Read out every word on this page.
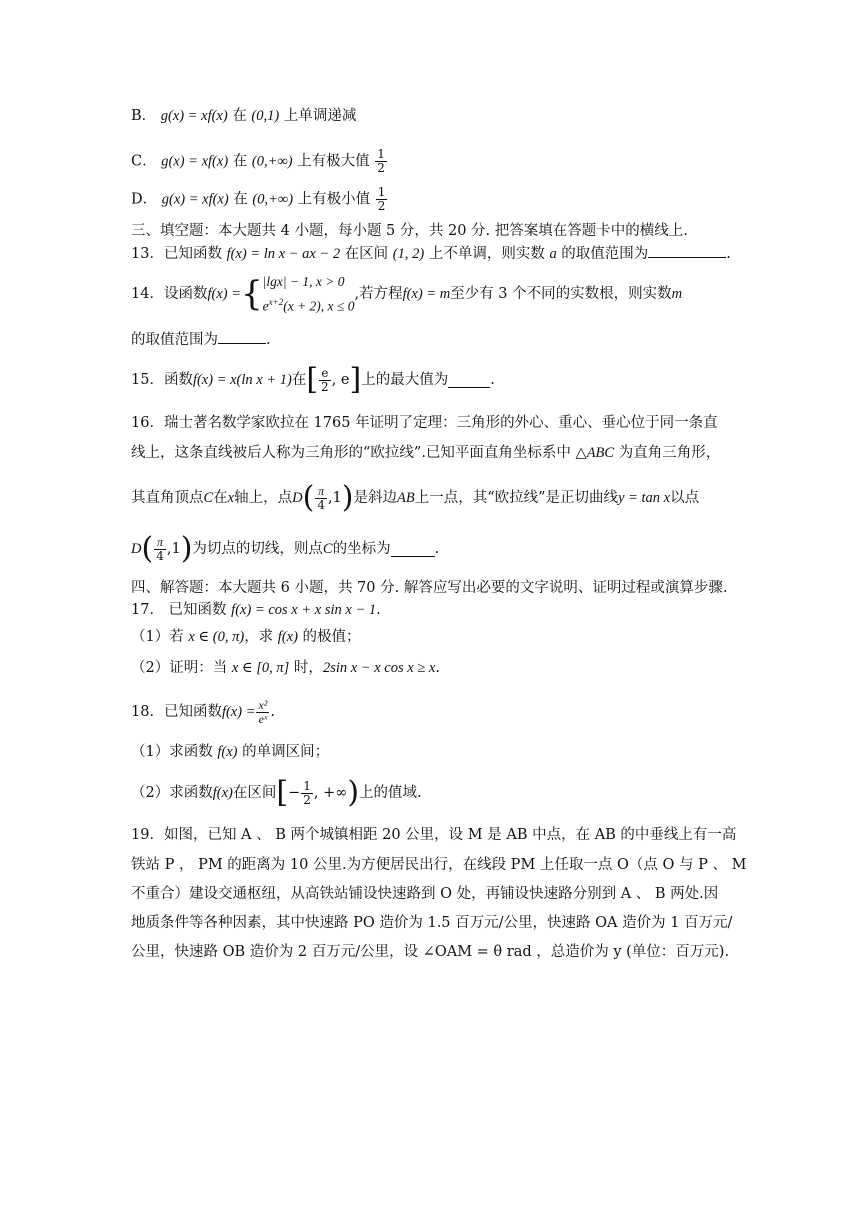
B． g(x) = xf(x) 在 (0,1) 上单调递减
C． g(x) = xf(x) 在 (0,+∞) 上有极大值 $\frac{1}{2}$
D． g(x) = xf(x) 在 (0,+∞) 上有极小值 $\frac{1}{2}$
三、填空题：本大题共 4 小题，每小题 5 分，共 20 分. 把答案填在答题卡中的横线上.
13．已知函数 f(x) = ln x − ax − 2 在区间 (1, 2) 上不单调，则实数 a 的取值范围为	.
14． 设函数 f(x) = { |lgx| − 1, x > 0
$e^{x+2}(x + 2)$, x ≤ 0
,若方程 f(x) = m 至少有 3 个不同的实数根，则实数 m
的取值范围为	.
15． 函数 f(x) = x(ln x + 1) 在 [ $\frac{e}{2}$ , e ] 上的最大值为	.
16．瑞士著名数学家欧拉在 1765 年证明了定理：三角形的外心、重心、垂心位于同一条直
线上，这条直线被后人称为三角形的“欧拉线”.已知平面直角坐标系中 △ABC 为直角三角形，
其直角顶点 C 在 x 轴上，点 D ( $\frac{\pi}{4} ,1$ ) 是斜边 AB 上一点，其“欧拉线”是正切曲线 y = tan x 以点
D ( $\frac{\pi}{4} ,1$ ) 为切点的切线，则点 C 的坐标为	.
四、解答题：本大题共 6 小题，共 70 分. 解答应写出必要的文字说明、证明过程或演算步骤.
17． 已知函数 f(x) = cos x + x sin x − 1.
（1）若 x ∈ (0, π)，求 f(x) 的极值；
（2）证明：当 x ∈ [0, π] 时，2sin x − x cos x ≥ x.
18．已知函数 $f(x) = \frac{\text{x²}}{\text{eˣ}}$ .
（1）求函数 f(x) 的单调区间；
（2）求函数 f(x) 在区间 [ − $\frac{1}{2}$ , +∞ ) 上的值域.
19．如图，已知 A 、 B 两个城镇相距 20 公里，设 M 是 AB 中点，在 AB 的中垂线上有一高
铁站 P ， PM 的距离为 10 公里.为方便居民出行，在线段 PM 上任取一点 O（点 O 与 P 、 M
不重合）建设交通枢纽，从高铁站铺设快速路到 O 处，再铺设快速路分别到 A 、 B 两处.因
地质条件等各种因素，其中快速路 PO 造价为 1.5 百万元/公里，快速路 OA 造价为 1 百万元/
公里，快速路 OB 造价为 2 百万元/公里，设 ∠OAM = θ rad ，总造价为 y (单位：百万元).
